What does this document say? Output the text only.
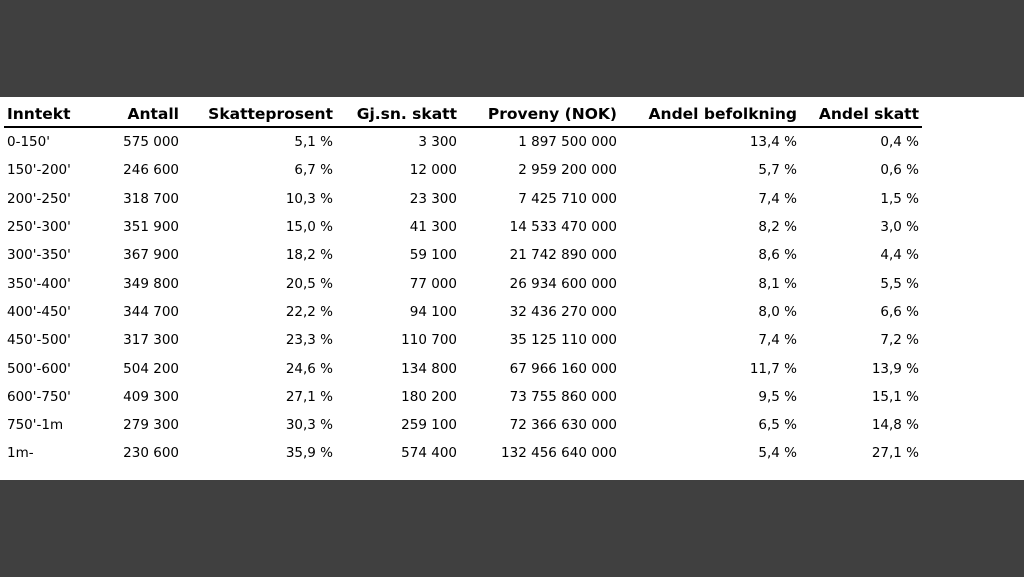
Inntekt	Antall	Skatteprosent	Gj.sn. skatt	Proveny (NOK)	Andel befolkning	Andel skatt
0-150'	575 000	5,1 %	3 300	1 897 500 000	13,4 %	0,4 %
150'-200'	246 600	6,7 %	12 000	2 959 200 000	5,7 %	0,6 %
200'-250'	318 700	10,3 %	23 300	7 425 710 000	7,4 %	1,5 %
250'-300'	351 900	15,0 %	41 300	14 533 470 000	8,2 %	3,0 %
300'-350'	367 900	18,2 %	59 100	21 742 890 000	8,6 %	4,4 %
350'-400'	349 800	20,5 %	77 000	26 934 600 000	8,1 %	5,5 %
400'-450'	344 700	22,2 %	94 100	32 436 270 000	8,0 %	6,6 %
450'-500'	317 300	23,3 %	110 700	35 125 110 000	7,4 %	7,2 %
500'-600'	504 200	24,6 %	134 800	67 966 160 000	11,7 %	13,9 %
600'-750'	409 300	27,1 %	180 200	73 755 860 000	9,5 %	15,1 %
750'-1m	279 300	30,3 %	259 100	72 366 630 000	6,5 %	14,8 %
1m-	230 600	35,9 %	574 400	132 456 640 000	5,4 %	27,1 %
